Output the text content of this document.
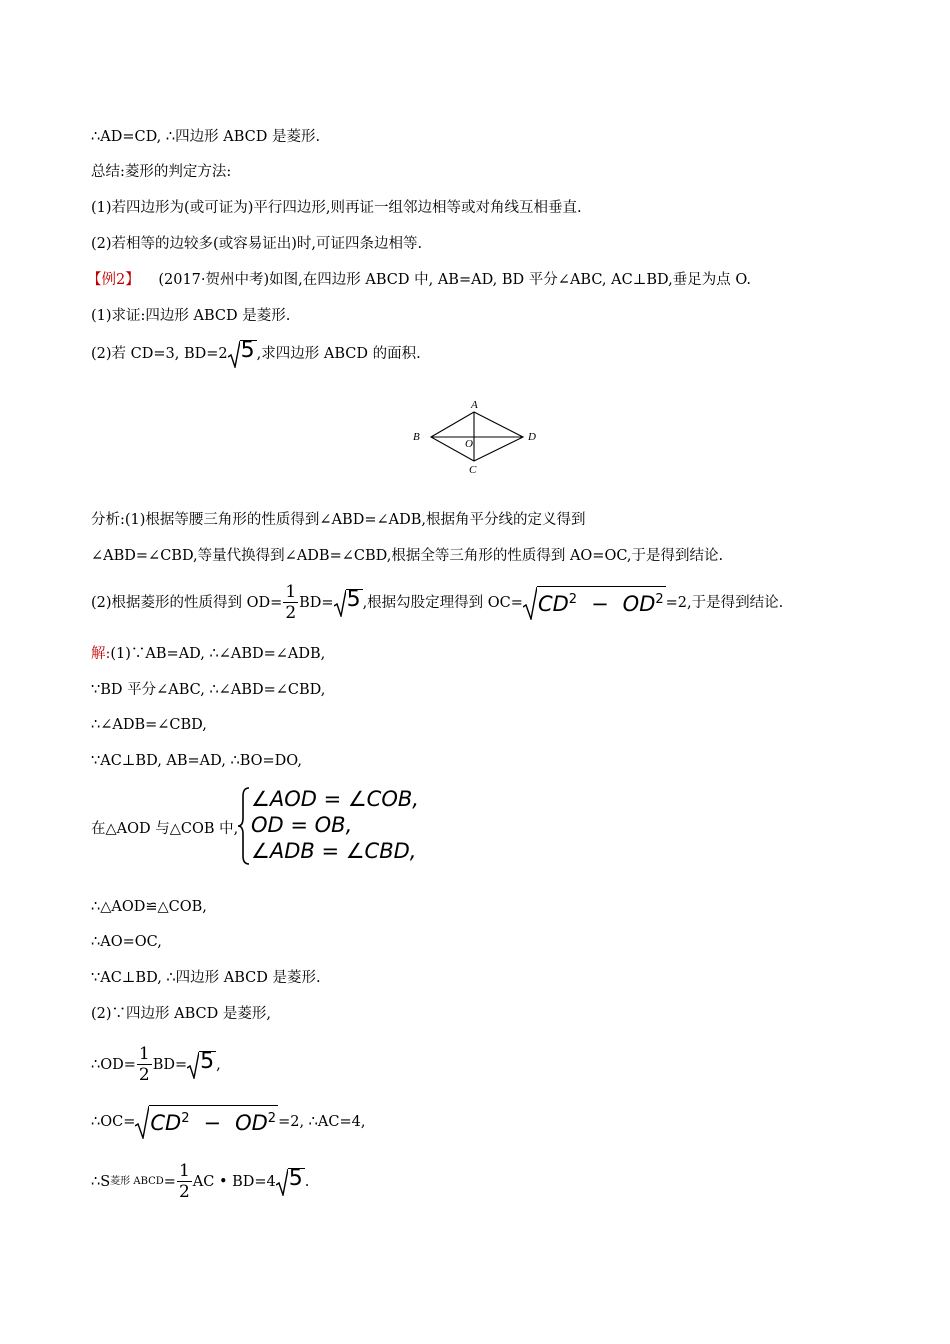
∴AD=CD, ∴四边形 ABCD 是菱形.
总结:菱形的判定方法:
(1)若四边形为(或可证为)平行四边形,则再证一组邻边相等或对角线互相垂直.
(2)若相等的边较多(或容易证出)时,可证四条边相等.
【例2】 (2017·贺州中考)如图,在四边形 ABCD 中, AB=AD, BD 平分∠ABC, AC⊥BD,垂足为点 O.
(1)求证:四边形 ABCD 是菱形.
(2)若 CD=3, BD=2 5 ,求四边形 ABCD 的面积.
A
B
C
D
O
分析:(1)根据等腰三角形的性质得到∠ABD=∠ADB,根据角平分线的定义得到
∠ABD=∠CBD,等量代换得到∠ADB=∠CBD,根据全等三角形的性质得到 AO=OC,于是得到结论.
(2)根据菱形的性质得到 $OD= \frac{1}{2} BD= 5$ ,根据勾股定理得到 $OC= CD^2 - OD^2 =2$,于是得到结论.
解:(1)∵AB=AD, ∴∠ABD=∠ADB,
∵BD 平分∠ABC, ∴∠ABD=∠CBD,
∴∠ADB=∠CBD,
∵AC⊥BD, AB=AD, ∴BO=DO,
在△AOD 与△COB 中,
∠AOD = ∠COB,
OD = OB,
∠ADB = ∠CBD,
∴△AOD≌△COB,
∴AO=OC,
∵AC⊥BD, ∴四边形 ABCD 是菱形.
(2)∵四边形 ABCD 是菱形,
∴OD= $\frac{1}{2} BD= 5$ ,
∴OC= $CD^2 - OD^2 =2$, ∴AC=4,
∴S 菱形 ABCD = $\frac{1}{2}$ AC • BD=4 5 .
